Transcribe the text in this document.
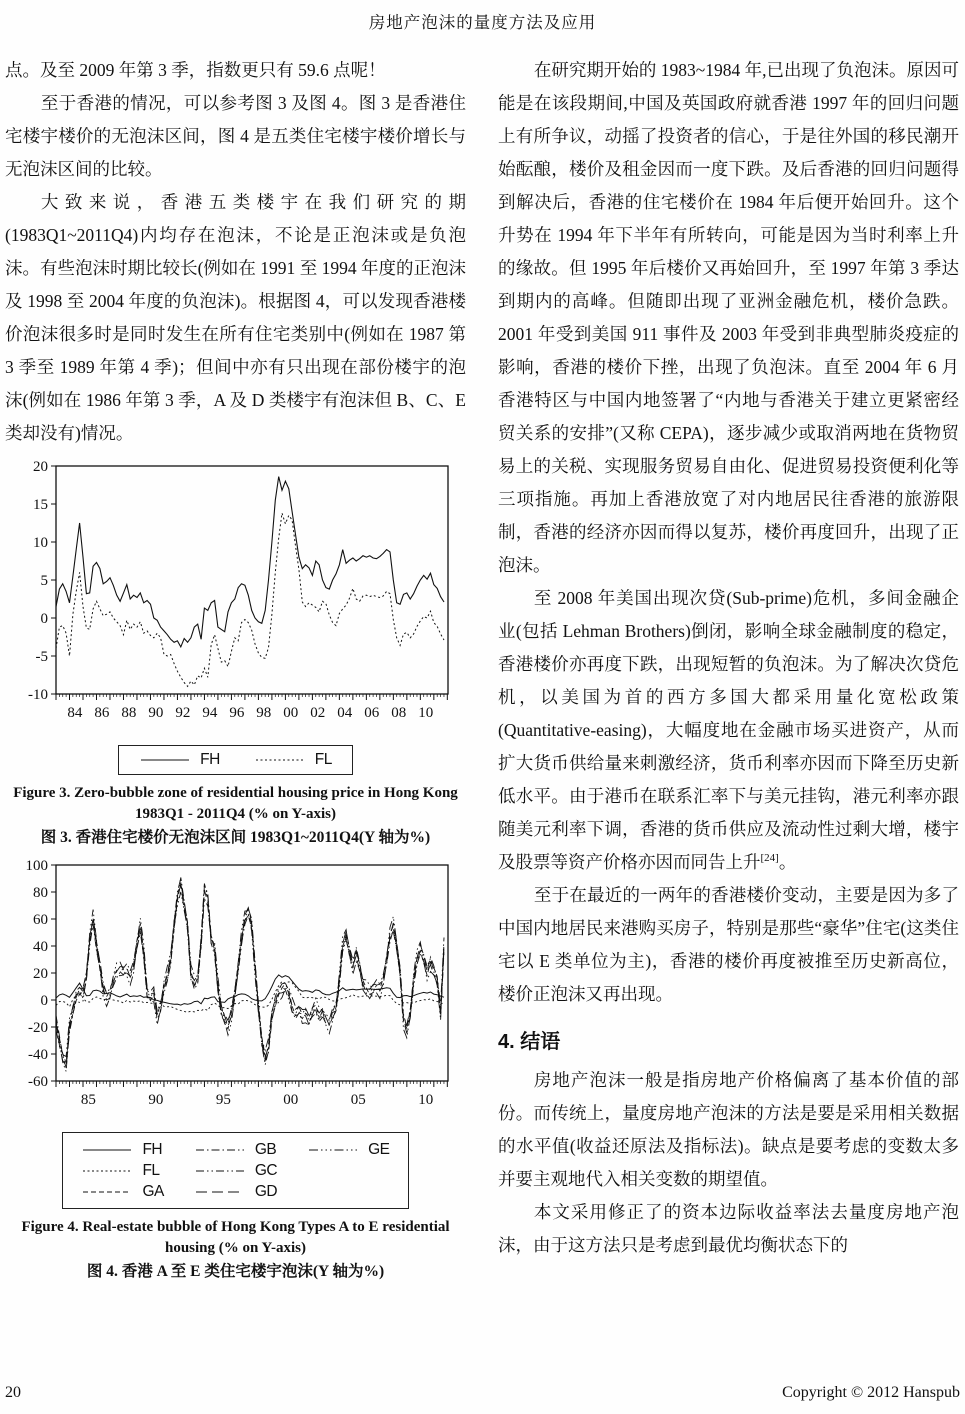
房地产泡沫的量度方法及应用

点。及至 2009 年第 3 季，指数更只有 59.6 点呢！

至于香港的情况，可以参考图 3 及图 4。图 3 是香港住宅楼宇楼价的无泡沫区间，图 4 是五类住宅楼宇楼价增长与无泡沫区间的比较。

大致来说，香港五类楼宇在我们研究的期(1983Q1~2011Q4)内均存在泡沫，不论是正泡沫或是负泡沫。有些泡沫时期比较长(例如在 1991 至 1994 年度的正泡沫及 1998 至 2004 年度的负泡沫)。根据图 4，可以发现香港楼价泡沫很多时是同时发生在所有住宅类别中(例如在 1987 第 3 季至 1989 年第 4 季)；但间中亦有只出现在部份楼宇的泡沫(例如在 1986 年第 3 季，A 及 D 类楼宇有泡沫但 B、C、E 类却没有)情况。

-10
-5
0
5
10
15
20
84 86 88 90 92 94 96 98 00 02 04 06 08 10
FH	FL
Figure 3. Zero-bubble zone of residential housing price in Hong Kong 1983Q1 - 2011Q4 (% on Y-axis)
图 3. 香港住宅楼价无泡沫区间 1983Q1~2011Q4(Y 轴为%)
-60
-40
-20
0
20
40
60
80
100
85	90	95	00	05	10
FH
FL
GA
GB
GC
GD
GE
Figure 4. Real-estate bubble of Hong Kong Types A to E residential housing (% on Y-axis)
图 4. 香港 A 至 E 类住宅楼宇泡沫(Y 轴为%)

在研究期开始的 1983~1984 年,已出现了负泡沫。原因可能是在该段期间,中国及英国政府就香港 1997 年的回归问题上有所争议，动摇了投资者的信心，于是往外国的移民潮开始酝酿，楼价及租金因而一度下跌。及后香港的回归问题得到解决后，香港的住宅楼价在 1984 年后便开始回升。这个升势在 1994 年下半年有所转向，可能是因为当时利率上升的缘故。但 1995 年后楼价又再始回升，至 1997 年第 3 季达到期内的高峰。但随即出现了亚洲金融危机，楼价急跌。2001 年受到美国 911 事件及 2003 年受到非典型肺炎疫症的影响，香港的楼价下挫，出现了负泡沫。直至 2004 年 6 月香港特区与中国内地签署了“内地与香港关于建立更紧密经贸关系的安排”(又称 CEPA)，逐步减少或取消两地在货物贸易上的关税、实现服务贸易自由化、促进贸易投资便利化等三项指施。再加上香港放宽了对内地居民往香港的旅游限制，香港的经济亦因而得以复苏，楼价再度回升，出现了正泡沫。

至 2008 年美国出现次贷(Sub-prime)危机，多间金融企业(包括 Lehman Brothers)倒闭，影响全球金融制度的稳定，香港楼价亦再度下跌，出现短暂的负泡沫。为了解决次贷危机，以美国为首的西方多国大都采用量化宽松政策(Quantitative-easing)，大幅度地在金融市场买进资产，从而扩大货币供给量来刺激经济，货币利率亦因而下降至历史新低水平。由于港币在联系汇率下与美元挂钩，港元利率亦跟随美元利率下调，香港的货币供应及流动性过剩大增，楼宇及股票等资产价格亦因而同告上升[24]。

至于在最近的一两年的香港楼价变动，主要是因为多了中国内地居民来港购买房子，特别是那些“豪华”住宅(这类住宅以 E 类单位为主)，香港的楼价再度被推至历史新高位，楼价正泡沫又再出现。

4. 结语

房地产泡沫一般是指房地产价格偏离了基本价值的部份。而传统上，量度房地产泡沫的方法是要是采用相关数据的水平值(收益还原法及指标法)。缺点是要考虑的变数太多并要主观地代入相关变数的期望值。

本文采用修正了的资本边际收益率法去量度房地产泡沫，由于这方法只是考虑到最优均衡状态下的

20	Copyright © 2012 Hanspub
